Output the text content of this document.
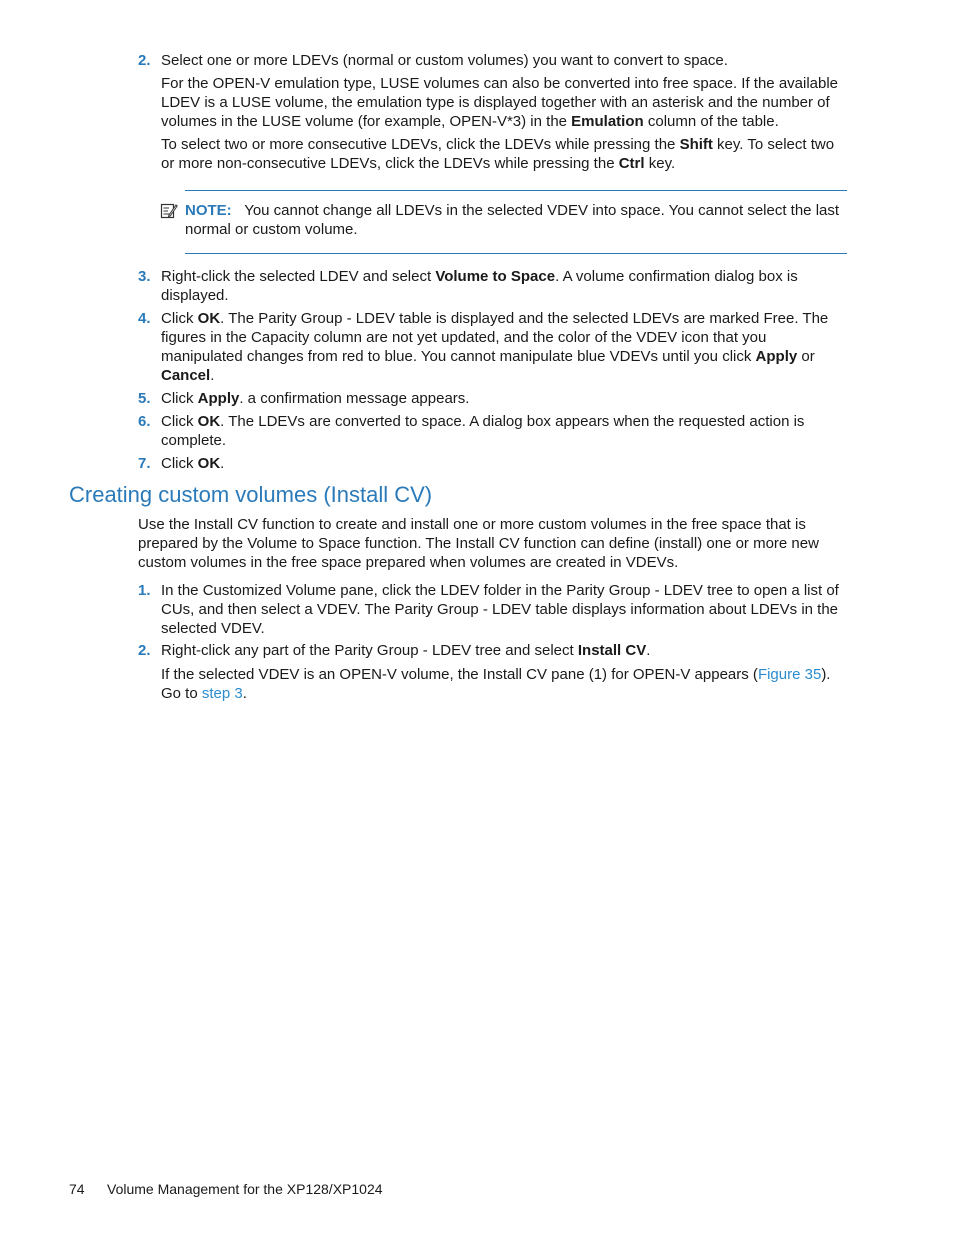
2. Select one or more LDEVs (normal or custom volumes) you want to convert to space.
For the OPEN-V emulation type, LUSE volumes can also be converted into free space. If the available LDEV is a LUSE volume, the emulation type is displayed together with an asterisk and the number of volumes in the LUSE volume (for example, OPEN-V*3) in the Emulation column of the table.
To select two or more consecutive LDEVs, click the LDEVs while pressing the Shift key. To select two or more non-consecutive LDEVs, click the LDEVs while pressing the Ctrl key.
NOTE: You cannot change all LDEVs in the selected VDEV into space. You cannot select the last normal or custom volume.
3. Right-click the selected LDEV and select Volume to Space. A volume confirmation dialog box is displayed.
4. Click OK. The Parity Group - LDEV table is displayed and the selected LDEVs are marked Free. The figures in the Capacity column are not yet updated, and the color of the VDEV icon that you manipulated changes from red to blue. You cannot manipulate blue VDEVs until you click Apply or Cancel.
5. Click Apply. a confirmation message appears.
6. Click OK. The LDEVs are converted to space. A dialog box appears when the requested action is complete.
7. Click OK.
Creating custom volumes (Install CV)
Use the Install CV function to create and install one or more custom volumes in the free space that is prepared by the Volume to Space function. The Install CV function can define (install) one or more new custom volumes in the free space prepared when volumes are created in VDEVs.
1. In the Customized Volume pane, click the LDEV folder in the Parity Group - LDEV tree to open a list of CUs, and then select a VDEV. The Parity Group - LDEV table displays information about LDEVs in the selected VDEV.
2. Right-click any part of the Parity Group - LDEV tree and select Install CV.
If the selected VDEV is an OPEN-V volume, the Install CV pane (1) for OPEN-V appears (Figure 35). Go to step 3.
74 Volume Management for the XP128/XP1024
